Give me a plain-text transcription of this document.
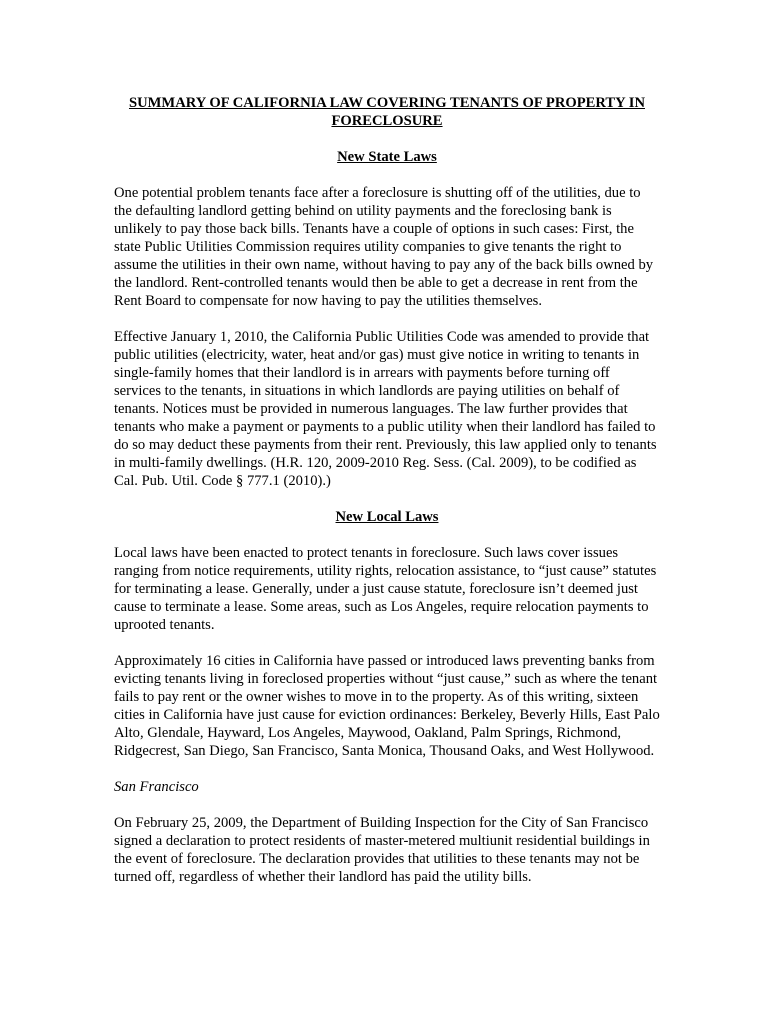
SUMMARY OF CALIFORNIA LAW COVERING TENANTS OF PROPERTY IN FORECLOSURE

New State Laws

One potential problem tenants face after a foreclosure is shutting off of the utilities, due to the defaulting landlord getting behind on utility payments and the foreclosing bank is unlikely to pay those back bills. Tenants have a couple of options in such cases: First, the state Public Utilities Commission requires utility companies to give tenants the right to assume the utilities in their own name, without having to pay any of the back bills owned by the landlord. Rent-controlled tenants would then be able to get a decrease in rent from the Rent Board to compensate for now having to pay the utilities themselves.

Effective January 1, 2010, the California Public Utilities Code was amended to provide that public utilities (electricity, water, heat and/or gas) must give notice in writing to tenants in single-family homes that their landlord is in arrears with payments before turning off services to the tenants, in situations in which landlords are paying utilities on behalf of tenants. Notices must be provided in numerous languages. The law further provides that tenants who make a payment or payments to a public utility when their landlord has failed to do so may deduct these payments from their rent. Previously, this law applied only to tenants in multi-family dwellings. (H.R. 120, 2009-2010 Reg. Sess. (Cal. 2009), to be codified as Cal. Pub. Util. Code § 777.1 (2010).)

New Local Laws

Local laws have been enacted to protect tenants in foreclosure. Such laws cover issues ranging from notice requirements, utility rights, relocation assistance, to “just cause” statutes for terminating a lease. Generally, under a just cause statute, foreclosure isn’t deemed just cause to terminate a lease. Some areas, such as Los Angeles, require relocation payments to uprooted tenants.

Approximately 16 cities in California have passed or introduced laws preventing banks from evicting tenants living in foreclosed properties without “just cause,” such as where the tenant fails to pay rent or the owner wishes to move in to the property. As of this writing, sixteen cities in California have just cause for eviction ordinances: Berkeley, Beverly Hills, East Palo Alto, Glendale, Hayward, Los Angeles, Maywood, Oakland, Palm Springs, Richmond, Ridgecrest, San Diego, San Francisco, Santa Monica, Thousand Oaks, and West Hollywood.

San Francisco

On February 25, 2009, the Department of Building Inspection for the City of San Francisco signed a declaration to protect residents of master-metered multiunit residential buildings in the event of foreclosure. The declaration provides that utilities to these tenants may not be turned off, regardless of whether their landlord has paid the utility bills.
